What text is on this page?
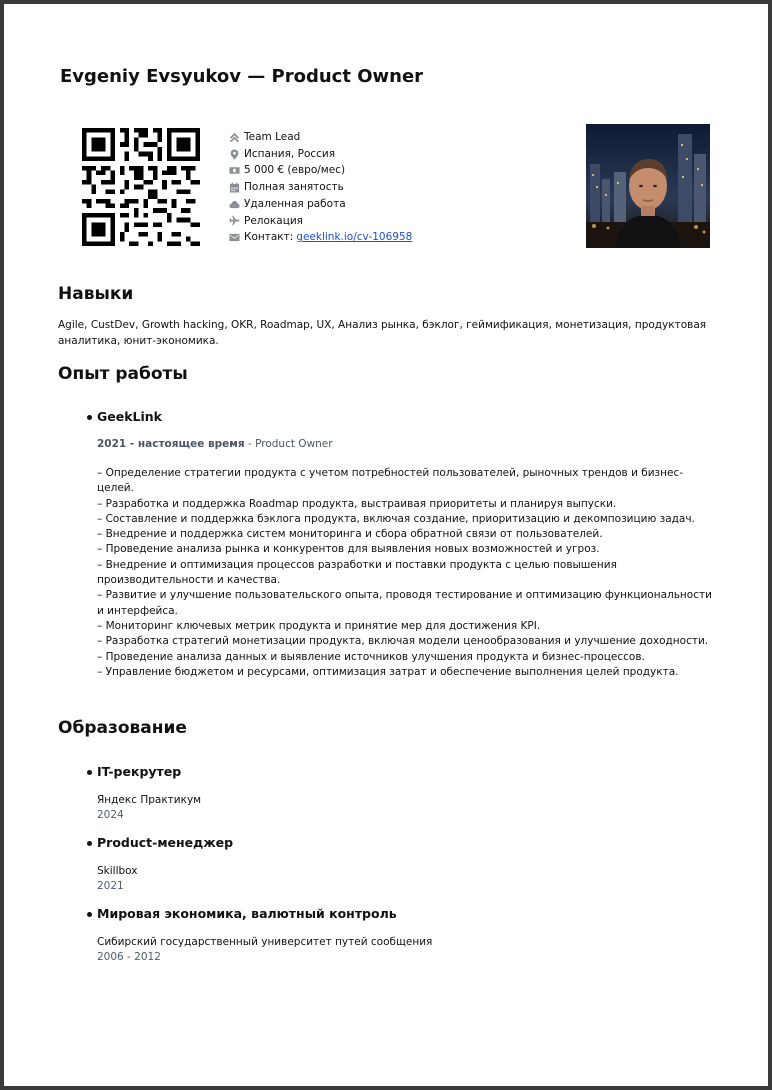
Evgeniy Evsyukov — Product Owner
Team Lead
Испания, Россия
5 000 € (евро/мес)
Полная занятость
Удаленная работа
Релокация
Контакт: geeklink.io/cv-106958
Навыки
Agile, CustDev, Growth hacking, OKR, Roadmap, UX, Анализ рынка, бэклог, геймификация, монетизация, продуктовая аналитика, юнит-экономика.
Опыт работы
GeekLink
2021 - настоящее время - Product Owner
– Определение стратегии продукта с учетом потребностей пользователей, рыночных трендов и бизнес-целей.
– Разработка и поддержка Roadmap продукта, выстраивая приоритеты и планируя выпуски.
– Составление и поддержка бэклога продукта, включая создание, приоритизацию и декомпозицию задач.
– Внедрение и поддержка систем мониторинга и сбора обратной связи от пользователей.
– Проведение анализа рынка и конкурентов для выявления новых возможностей и угроз.
– Внедрение и оптимизация процессов разработки и поставки продукта с целью повышения производительности и качества.
– Развитие и улучшение пользовательского опыта, проводя тестирование и оптимизацию функциональности и интерфейса.
– Мониторинг ключевых метрик продукта и принятие мер для достижения KPI.
– Разработка стратегий монетизации продукта, включая модели ценообразования и улучшение доходности.
– Проведение анализа данных и выявление источников улучшения продукта и бизнес-процессов.
– Управление бюджетом и ресурсами, оптимизация затрат и обеспечение выполнения целей продукта.
Образование
IT-рекрутер
Яндекс Практикум
2024
Product-менеджер
Skillbox
2021
Мировая экономика, валютный контроль
Сибирский государственный университет путей сообщения
2006 - 2012
